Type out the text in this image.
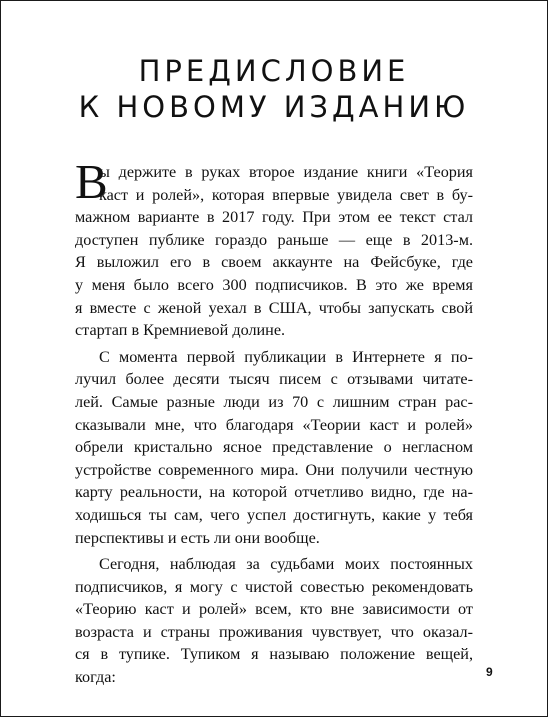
ПРЕДИСЛОВИЕ
К НОВОМУ ИЗДАНИЮ
В
ы держите в руках второе издание книги «Теория
каст и ролей», которая впервые увидела свет в бу-
мажном варианте в 2017 году. При этом ее текст стал
доступен публике гораздо раньше — еще в 2013-м.
Я выложил его в своем аккаунте на Фейсбуке, где
у меня было всего 300 подписчиков. В это же время
я вместе с женой уехал в США, чтобы запускать свой
стартап в Кремниевой долине.
С момента первой публикации в Интернете я по-
лучил более десяти тысяч писем с отзывами читате-
лей. Самые разные люди из 70 с лишним стран рас-
сказывали мне, что благодаря «Теории каст и ролей»
обрели кристально ясное представление о негласном
устройстве современного мира. Они получили честную
карту реальности, на которой отчетливо видно, где на-
ходишься ты сам, чего успел достигнуть, какие у тебя
перспективы и есть ли они вообще.
Сегодня, наблюдая за судьбами моих постоянных
подписчиков, я могу с чистой совестью рекомендовать
«Теорию каст и ролей» всем, кто вне зависимости от
возраста и страны проживания чувствует, что оказал-
ся в тупике. Тупиком я называю положение вещей,
когда:	9
